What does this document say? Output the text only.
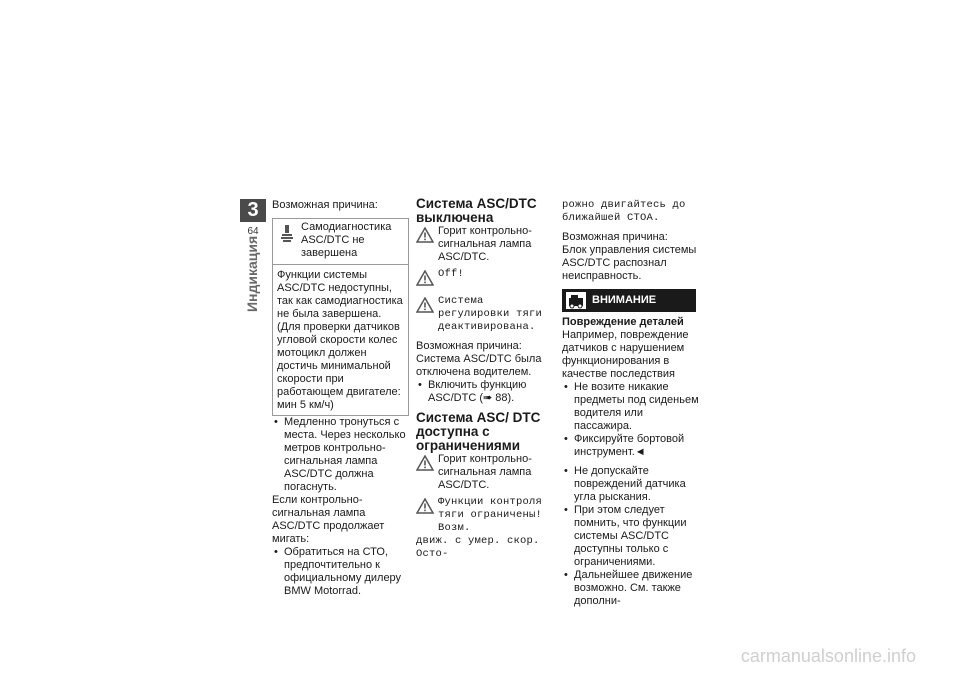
3
64
Индикация

Возможная причина:

Самодиагностика ASC/DTC не завершена

Функции системы ASC/DTC недоступны, так как самодиагностика не была завершена. (Для проверки датчиков угловой скорости колес мотоцикл должен достичь минимальной скорости при работающем двигателе: мин 5 км/ч)

• Медленно тронуться с места. Через несколько метров контрольно-сигнальная лампа ASC/DTC должна погаснуть.

Если контрольно-сигнальная лампа ASC/DTC продолжает мигать:

• Обратиться на СТО, предпочтительно к официальному дилеру BMW Motorrad.

Система ASC/DTC выключена

Горит контрольно-сигнальная лампа ASC/DTC.

Off!

Система регулировки тяги деактивирована.

Возможная причина:

Система ASC/DTC была отключена водителем.

• Включить функцию ASC/DTC (➠ 88).

Система ASC/ DTC доступна с ограничениями

Горит контрольно-сигнальная лампа ASC/DTC.

Функции контроля тяги ограничены! Возм.

движ. с умер. скор. Осто-

рожно двигайтесь до ближайшей СТОА.

Возможная причина:

Блок управления системы ASC/DTC распознал неисправность.

ВНИМАНИЕ

Повреждение деталей

Например, повреждение датчиков с нарушением функционирования в качестве последствия

• Не возите никакие предметы под сиденьем водителя или пассажира.
• Фиксируйте бортовой инструмент.◄
• Не допускайте повреждений датчика угла рыскания.
• При этом следует помнить, что функции системы ASC/DTC доступны только с ограничениями.
• Дальнейшее движение возможно. См. также дополни-
carmanualsonline.info
